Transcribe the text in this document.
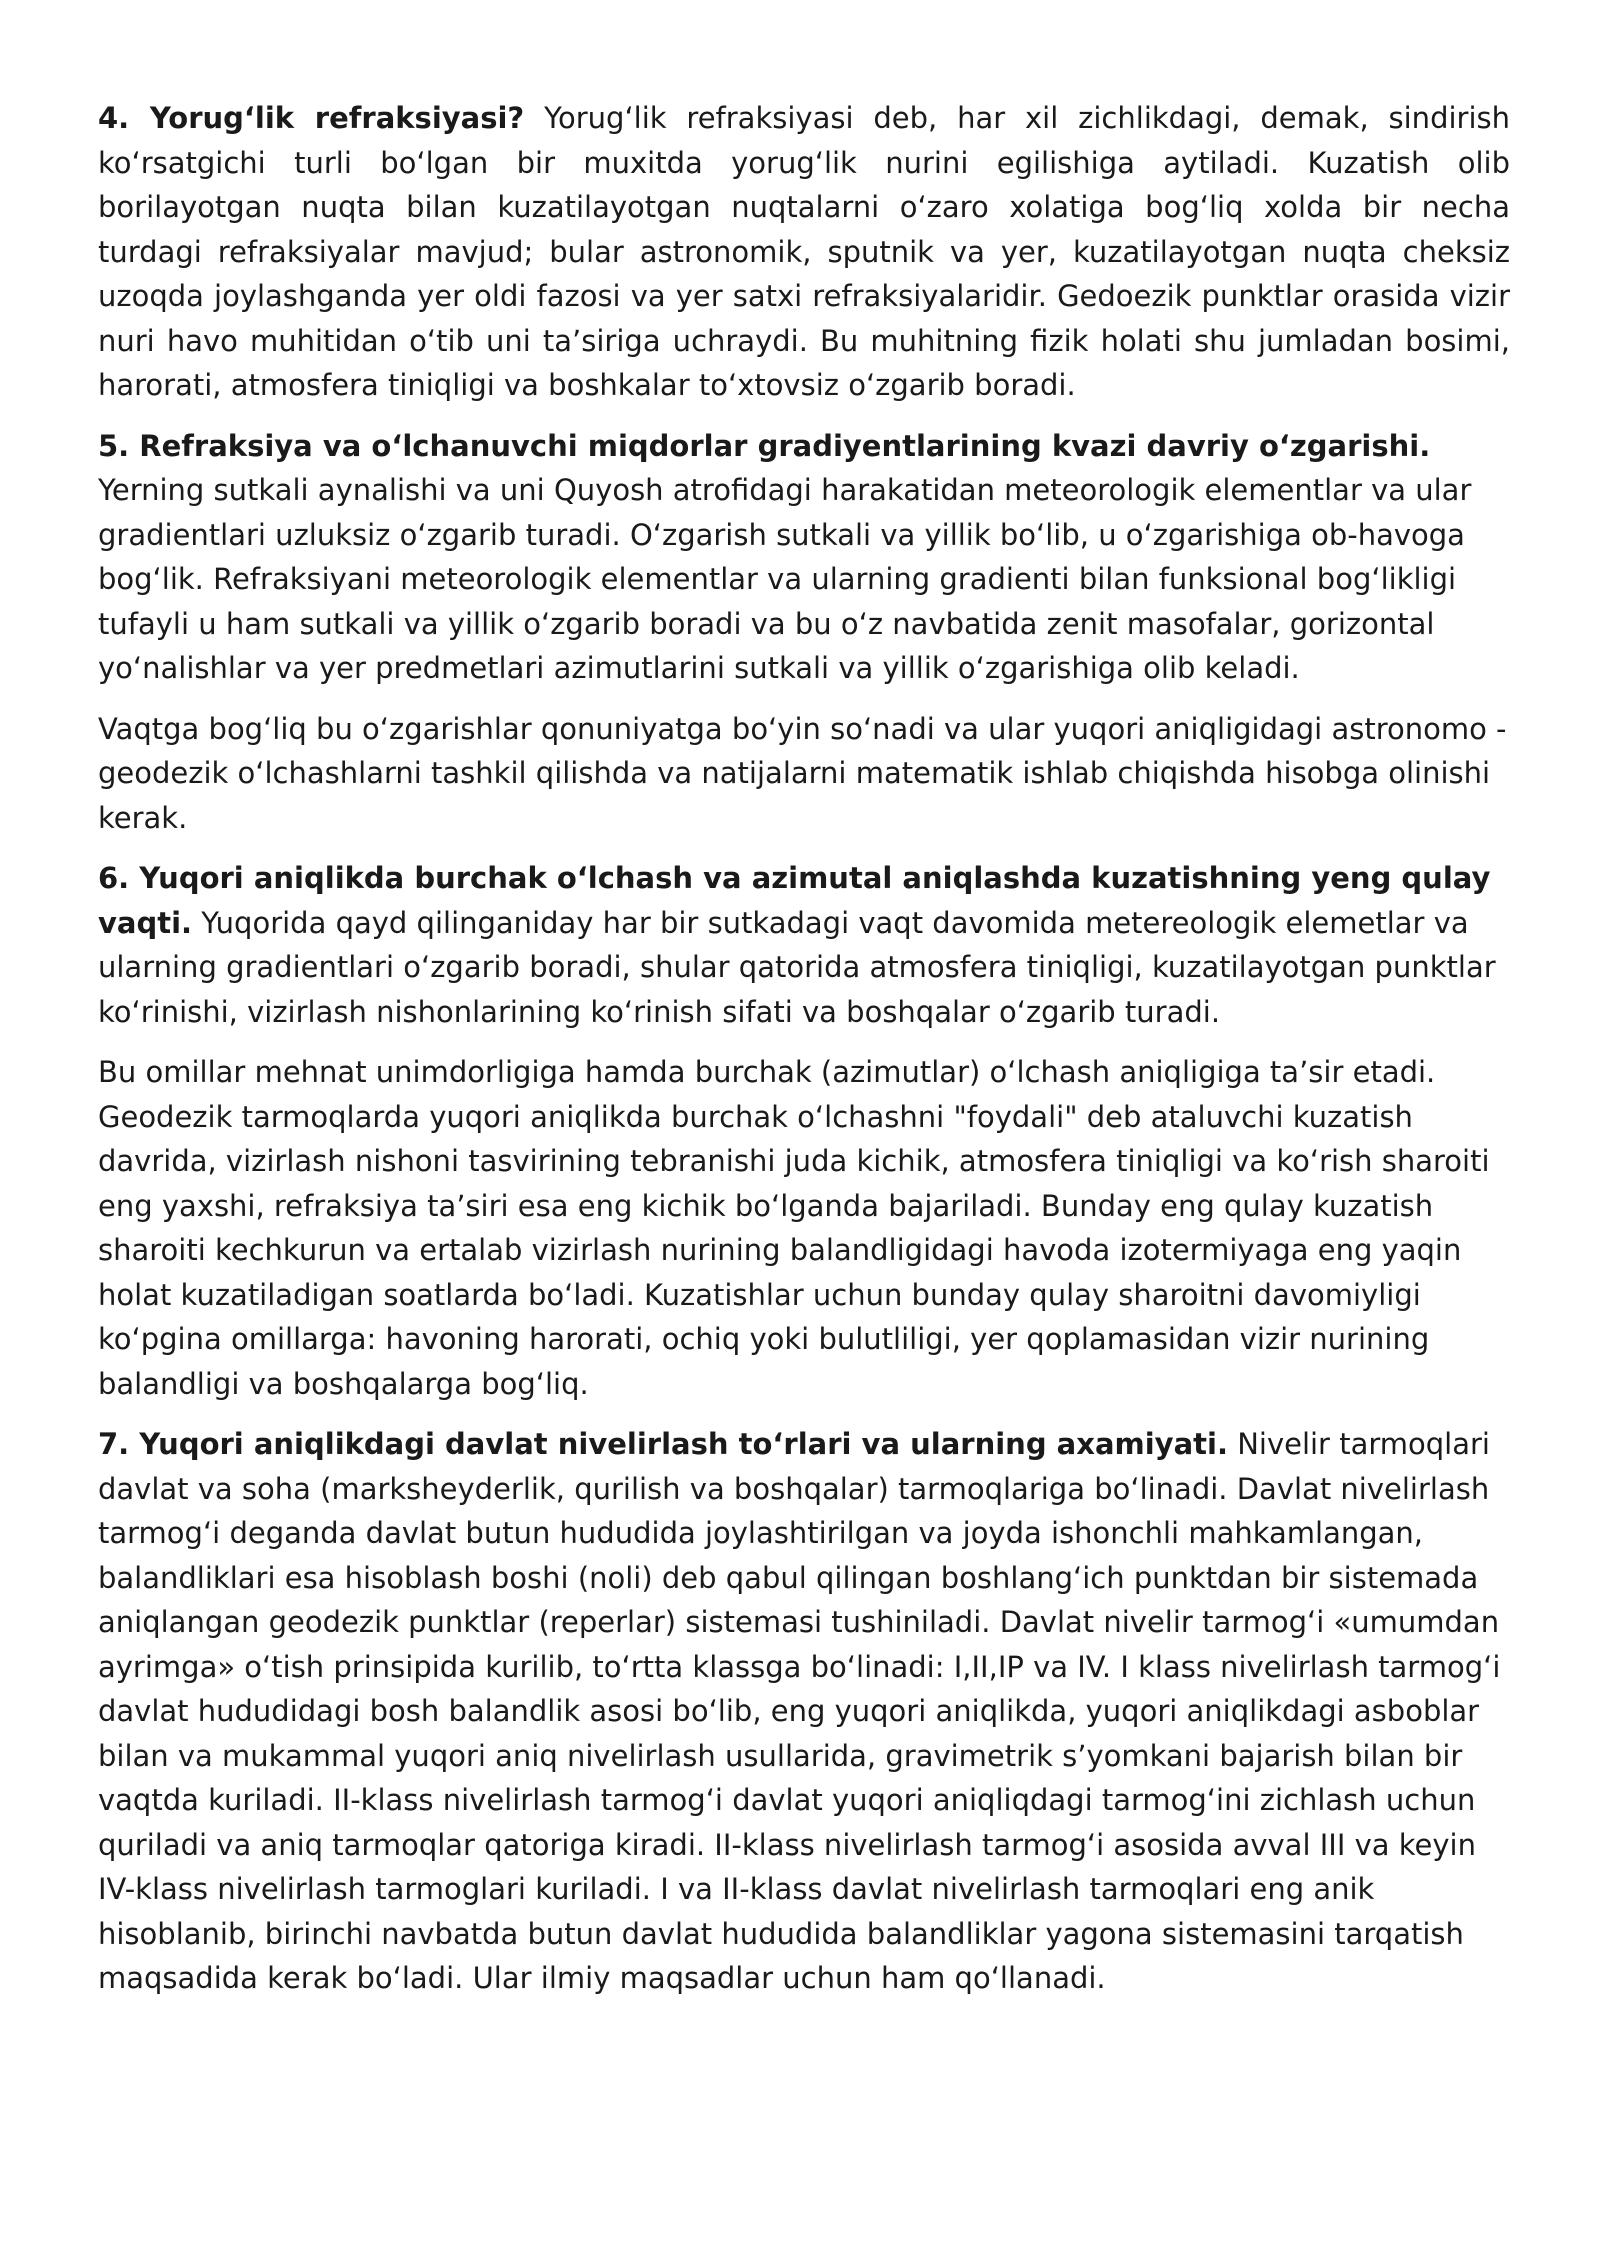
4. Yorug‘lik refraksiyasi? Yorug‘lik refraksiyasi deb, har xil zichlikdagi, demak, sindirish ko‘rsatgichi turli bo‘lgan bir muxitda yorug‘lik nurini egilishiga aytiladi. Kuzatish olib borilayotgan nuqta bilan kuzatilayotgan nuqtalarni o‘zaro xolatiga bog‘liq xolda bir necha turdagi refraksiyalar mavjud; bular astronomik, sputnik va yer, kuzatilayotgan nuqta cheksiz uzoqda joylashganda yer oldi fazosi va yer satxi refraksiyalaridir. Gedoezik punktlar orasida vizir nuri havo muhitidan o‘tib uni ta’siriga uchraydi. Bu muhitning fizik holati shu jumladan bosimi, harorati, atmosfera tiniqligi va boshkalar to‘xtovsiz o‘zgarib boradi.

5. Refraksiya va o‘lchanuvchi miqdorlar gradiyentlarining kvazi davriy o‘zgarishi.
Yerning sutkali aynalishi va uni Quyosh atrofidagi harakatidan meteorologik elementlar va ular gradientlari uzluksiz o‘zgarib turadi. O‘zgarish sutkali va yillik bo‘lib, u o‘zgarishiga ob-havoga bog‘lik. Refraksiyani meteorologik elementlar va ularning gradienti bilan funksional bog‘likligi tufayli u ham sutkali va yillik o‘zgarib boradi va bu o‘z navbatida zenit masofalar, gorizontal yo‘nalishlar va yer predmetlari azimutlarini sutkali va yillik o‘zgarishiga olib keladi.

Vaqtga bog‘liq bu o‘zgarishlar qonuniyatga bo‘yin so‘nadi va ular yuqori aniqligidagi astronomo - geodezik o‘lchashlarni tashkil qilishda va natijalarni matematik ishlab chiqishda hisobga olinishi kerak.

6. Yuqori aniqlikda burchak o‘lchash va azimutal aniqlashda kuzatishning yeng qulay vaqti. Yuqorida qayd qilinganiday har bir sutkadagi vaqt davomida metereologik elemetlar va ularning gradientlari o‘zgarib boradi, shular qatorida atmosfera tiniqligi, kuzatilayotgan punktlar ko‘rinishi, vizirlash nishonlarining ko‘rinish sifati va boshqalar o‘zgarib turadi.

Bu omillar mehnat unimdorligiga hamda burchak (azimutlar) o‘lchash aniqligiga ta’sir etadi. Geodezik tarmoqlarda yuqori aniqlikda burchak o‘lchashni "foydali" deb ataluvchi kuzatish davrida, vizirlash nishoni tasvirining tebranishi juda kichik, atmosfera tiniqligi va ko‘rish sharoiti eng yaxshi, refraksiya ta’siri esa eng kichik bo‘lganda bajariladi. Bunday eng qulay kuzatish sharoiti kechkurun va ertalab vizirlash nurining balandligidagi havoda izotermiyaga eng yaqin holat kuzatiladigan soatlarda bo‘ladi. Kuzatishlar uchun bunday qulay sharoitni davomiyligi ko‘pgina omillarga: havoning harorati, ochiq yoki bulutliligi, yer qoplamasidan vizir nurining balandligi va boshqalarga bog‘liq.

7. Yuqori aniqlikdagi davlat nivelirlash to‘rlari va ularning axamiyati. Nivelir tarmoqlari davlat va soha (marksheyderlik, qurilish va boshqalar) tarmoqlariga bo‘linadi. Davlat nivelirlash tarmog‘i deganda davlat butun hududida joylashtirilgan va joyda ishonchli mahkamlangan, balandliklari esa hisoblash boshi (noli) deb qabul qilingan boshlang‘ich punktdan bir sistemada aniqlangan geodezik punktlar (reperlar) sistemasi tushiniladi. Davlat nivelir tarmog‘i «umumdan ayrimga» o‘tish prinsipida kurilib, to‘rtta klassga bo‘linadi: I,II,IP va IV. I klass nivelirlash tarmog‘i davlat hududidagi bosh balandlik asosi bo‘lib, eng yuqori aniqlikda, yuqori aniqlikdagi asboblar bilan va mukammal yuqori aniq nivelirlash usullarida, gravimetrik s’yomkani bajarish bilan bir vaqtda kuriladi. II-klass nivelirlash tarmog‘i davlat yuqori aniqliqdagi tarmog‘ini zichlash uchun quriladi va aniq tarmoqlar qatoriga kiradi. II-klass nivelirlash tarmog‘i asosida avval III va keyin IV-klass nivelirlash tarmoglari kuriladi. I va II-klass davlat nivelirlash tarmoqlari eng anik hisoblanib, birinchi navbatda butun davlat hududida balandliklar yagona sistemasini tarqatish maqsadida kerak bo‘ladi. Ular ilmiy maqsadlar uchun ham qo‘llanadi.
